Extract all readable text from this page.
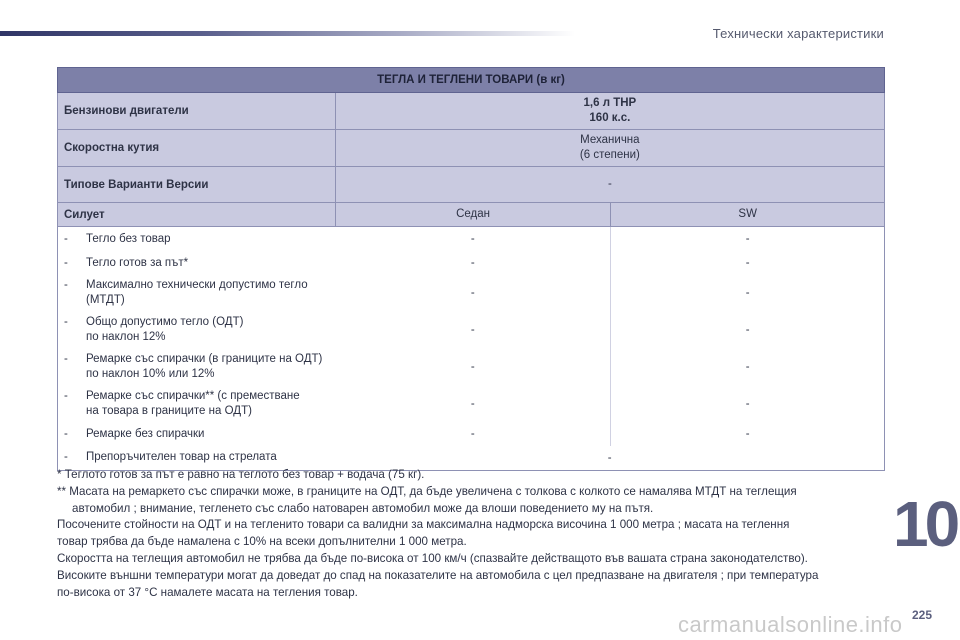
Технически характеристики
ТЕГЛА И ТЕГЛЕНИ ТОВАРИ (в кг)		
Бензинови двигатели	1,6 л THP
160 к.с.	

Скоростна кутия	Механична
(6 степени)	

Типове Варианти Версии	-	
Силует	Седан	SW

- Тегло без товар	-	-

- Тегло готов за път*	-	-

- Максимално технически допустимо тегло
(МТДТ)	-	-

- Общо допустимо тегло (ОДТ)
по наклон 12%	-	-

- Ремарке със спирачки (в границите на ОДТ)
по наклон 10% или 12%	-	-

- Ремарке със спирачки** (с преместване
на товара в границите на ОДТ)	-	-

- Ремарке без спирачки	-	-

- Препоръчителен товар на стрелата	-	

* Теглото готов за път е равно на теглото без товар + водача (75 кг).

** Масата на ремаркето със спирачки може, в границите на ОДТ, да бъде увеличена с толкова с колкото се намалява МТДТ на теглещия

автомобил ; внимание, тегленето със слабо натоварен автомобил може да влоши поведението му на пътя.

Посочените стойности на ОДТ и на тегленито товари са валидни за максимална надморска височина 1 000 метра ; масата на теглення
товар трябва да бъде намалена с 10% на всеки допълнителни 1 000 метра.

Скоростта на теглещия автомобил не трябва да бъде по-висока от 100 км/ч (спазвайте действащото във вашата страна законодателство).

Високите външни температури могат да доведат до спад на показателите на автомобила с цел предпазване на двигателя ; при температура
по-висока от 37 °C намалете масата на тегления товар.

10
225
carmanualsonline.info
